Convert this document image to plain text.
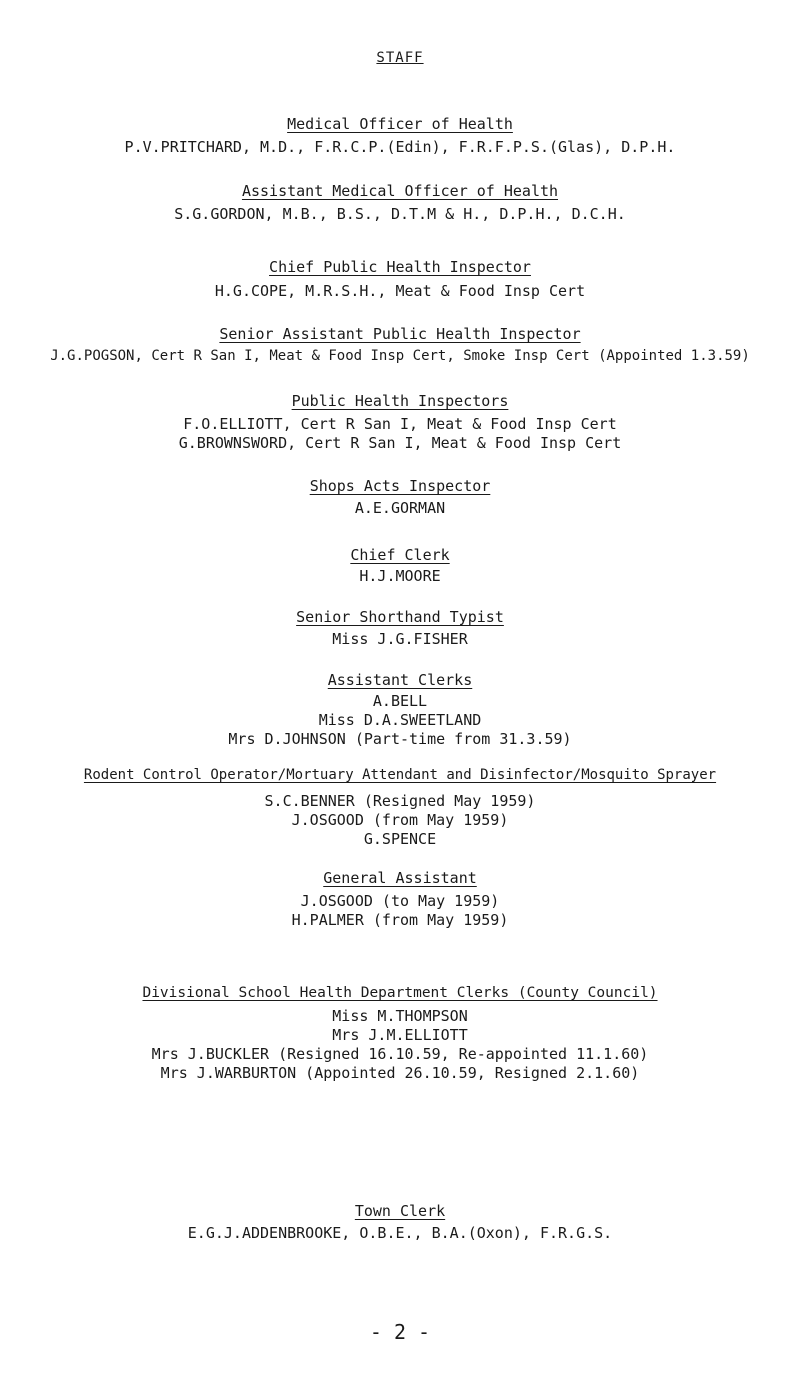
STAFF
Medical Officer of Health
P.V.PRITCHARD, M.D., F.R.C.P.(Edin), F.R.F.P.S.(Glas), D.P.H.
Assistant Medical Officer of Health
S.G.GORDON, M.B., B.S., D.T.M & H., D.P.H., D.C.H.
Chief Public Health Inspector
H.G.COPE, M.R.S.H., Meat & Food Insp Cert
Senior Assistant Public Health Inspector
J.G.POGSON, Cert R San I, Meat & Food Insp Cert, Smoke Insp Cert (Appointed 1.3.59)
Public Health Inspectors
F.O.ELLIOTT, Cert R San I, Meat & Food Insp Cert
G.BROWNSWORD, Cert R San I, Meat & Food Insp Cert
Shops Acts Inspector
A.E.GORMAN
Chief Clerk
H.J.MOORE
Senior Shorthand Typist
Miss J.G.FISHER
Assistant Clerks
A.BELL
Miss D.A.SWEETLAND
Mrs D.JOHNSON (Part-time from 31.3.59)
Rodent Control Operator/Mortuary Attendant and Disinfector/Mosquito Sprayer
S.C.BENNER (Resigned May 1959)
J.OSGOOD (from May 1959)
G.SPENCE
General Assistant
J.OSGOOD (to May 1959)
H.PALMER (from May 1959)
Divisional School Health Department Clerks (County Council)
Miss M.THOMPSON
Mrs J.M.ELLIOTT
Mrs J.BUCKLER (Resigned 16.10.59, Re-appointed 11.1.60)
Mrs J.WARBURTON (Appointed 26.10.59, Resigned 2.1.60)
Town Clerk
E.G.J.ADDENBROOKE, O.B.E., B.A.(Oxon), F.R.G.S.
- 2 -
